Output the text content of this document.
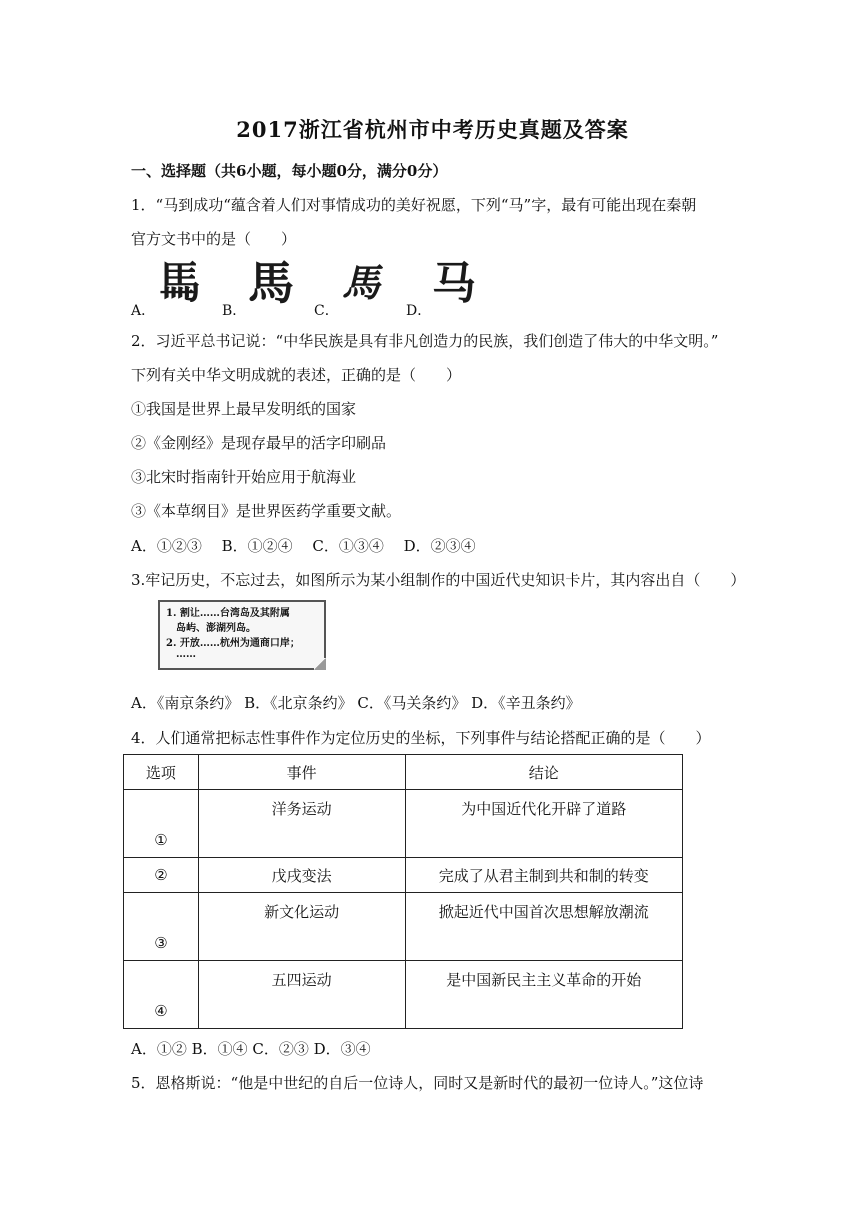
2017浙江省杭州市中考历史真题及答案
一、选择题（共6小题，每小题0分，满分0分）
1．“马到成功“蕴含着人们对事情成功的美好祝愿，下列“马”字，最有可能出现在秦朝
官方文书中的是（　　）
A．
𩡧
B．
馬
C．
馬
D．
马
2．习近平总书记说：“中华民族是具有非凡创造力的民族，我们创造了伟大的中华文明。”
下列有关中华文明成就的表述，正确的是（　　）
①我国是世界上最早发明纸的国家
②《金刚经》是现存最早的活字印刷品
③北宋时指南针开始应用于航海业
③《本草纲目》是世界医药学重要文献。
A．①②③　 B．①②④　 C．①③④　 D．②③④
3.牢记历史，不忘过去，如图所示为某小组制作的中国近代史知识卡片，其内容出自（　　）
1. 割让……台湾岛及其附属
岛屿、澎湖列岛。
2. 开放……杭州为通商口岸；
……
A．《南京条约》 B．《北京条约》 C．《马关条约》 D．《辛丑条约》
4．人们通常把标志性事件作为定位历史的坐标，下列事件与结论搭配正确的是（　　）
选项	事件	结论
①	洋务运动	为中国近代化开辟了道路
②	戊戌变法	完成了从君主制到共和制的转变
③	新文化运动	掀起近代中国首次思想解放潮流
④	五四运动	是中国新民主主义革命的开始
A．①② B．①④ C．②③ D．③④
5．恩格斯说：“他是中世纪的自后一位诗人，同时又是新时代的最初一位诗人。”这位诗
